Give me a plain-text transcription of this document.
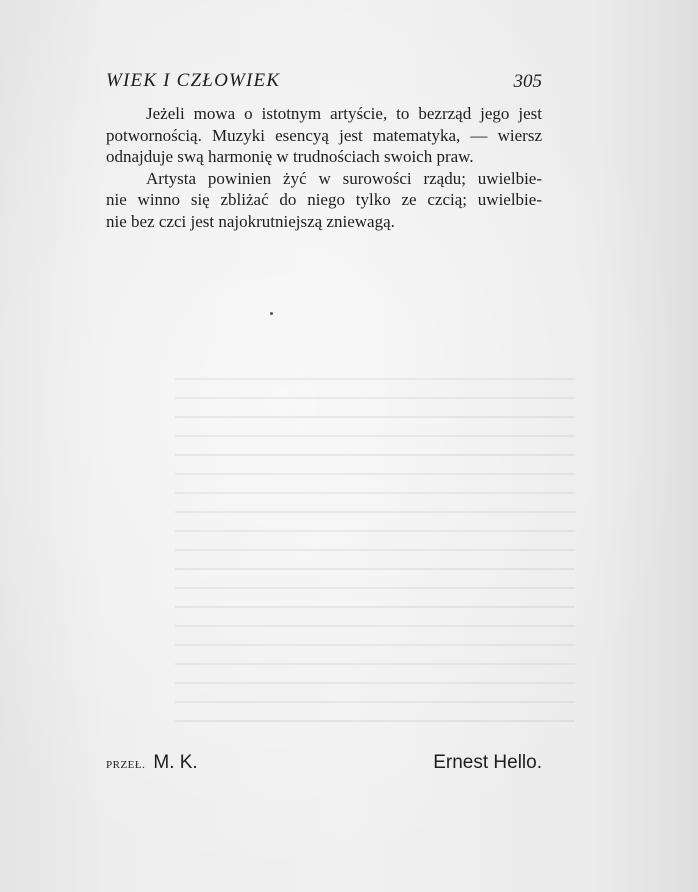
WIEK I CZŁOWIEK	305
Jeżeli mowa o istotnym artyście, to bezrząd jego jest
potwornością. Muzyki esencyą jest matematyka, — wiersz
odnajduje swą harmonię w trudnościach swoich praw.
Artysta powinien żyć w surowości rządu; uwielbie-
nie winno się zbliżać do niego tylko ze czcią; uwielbie-
nie bez czci jest najokrutniejszą zniewagą.
PRZEŁ. M. K.	Ernest Hello.
